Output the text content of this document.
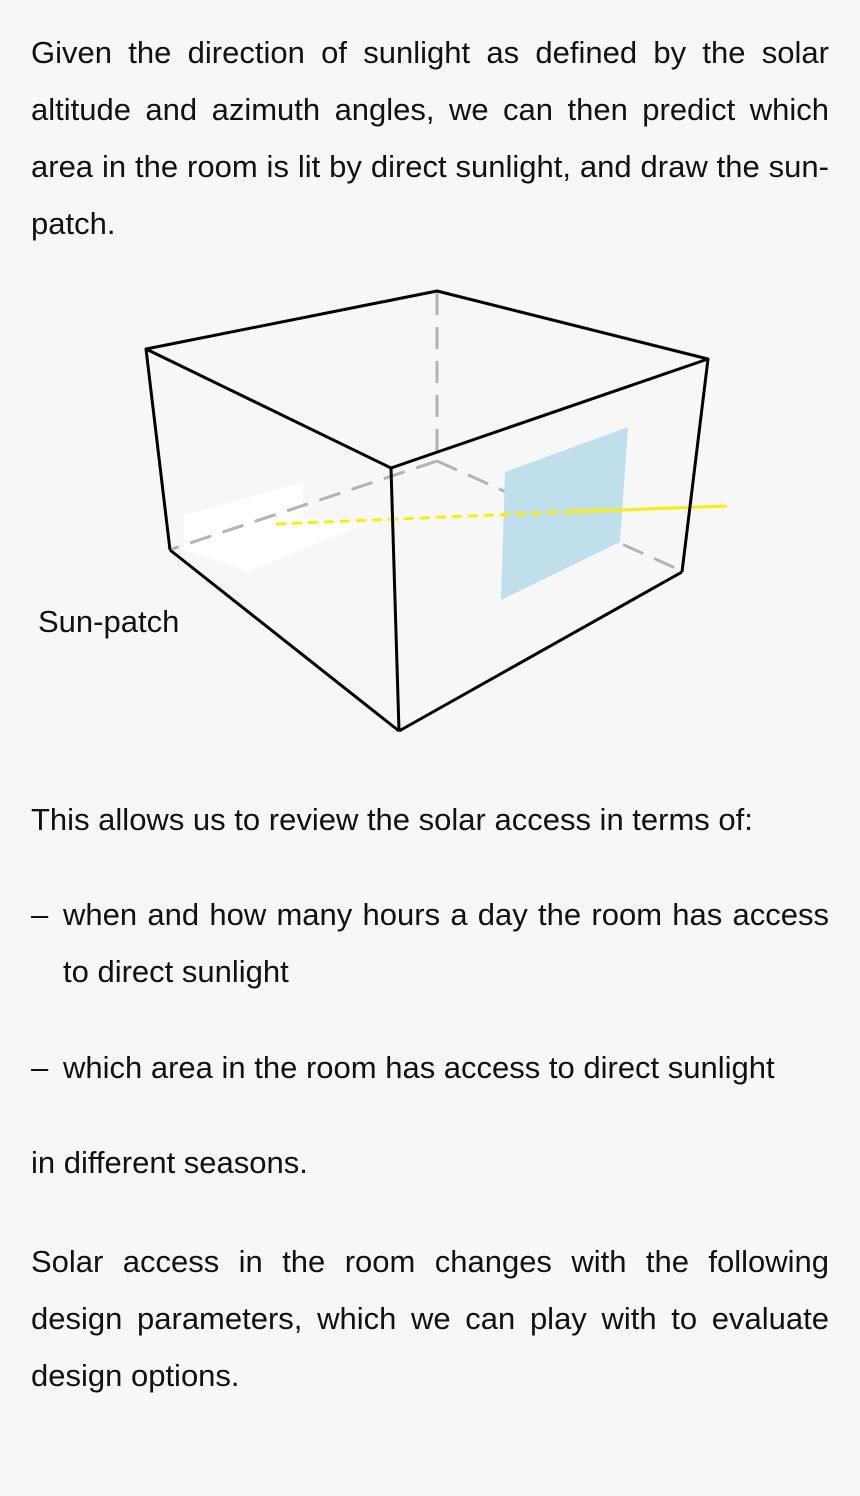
Given the direction of sunlight as defined by the solar altitude and azimuth angles, we can then predict which area in the room is lit by direct sunlight, and draw the sun-patch.

Sun-patch

This allows us to review the solar access in terms of:

– when and how many hours a day the room has access to direct sunlight
– which area in the room has access to direct sunlight

in different seasons.

Solar access in the room changes with the following design parameters, which we can play with to evaluate design options.
